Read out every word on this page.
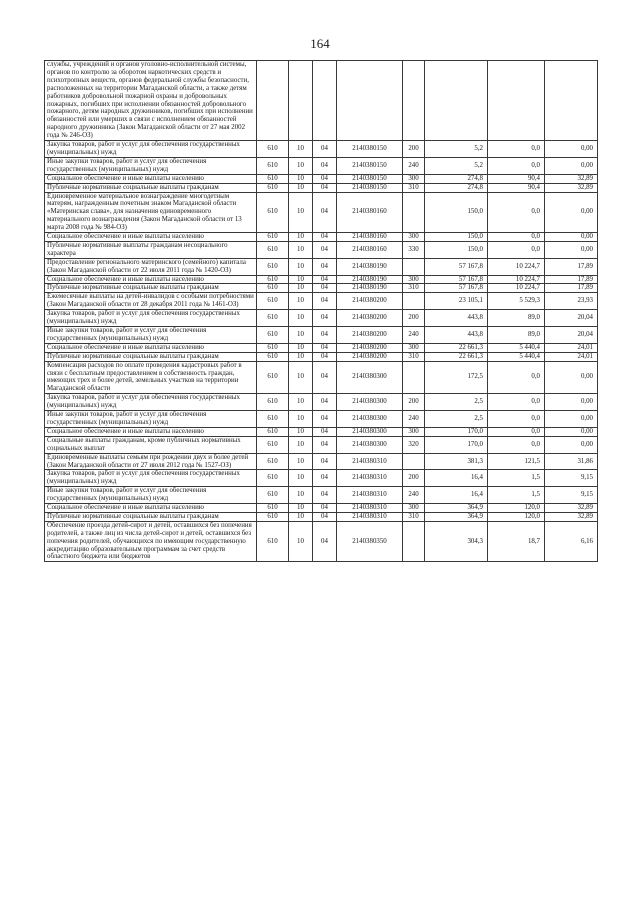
164
службы, учреждений и органов уголовно-исполнительной системы, органов по контролю за оборотом наркотических средств и психотропных веществ, органов федеральной службы безопасности, расположенных на территории Магаданской области, а также детям работников добровольной пожарной охраны и добровольных пожарных, погибших при исполнении обязанностей добровольного пожарного, детям народных дружинников, погибших при исполнении обязанностей или умерших в связи с исполнением обязанностей народного дружинника (Закон Магаданской области от 27 мая 2002 года № 246-ОЗ)								
Закупка товаров, работ и услуг для обеспечения государственных (муниципальных) нужд	610	10	04	2140380150	200	5,2	0,0	0,00
Иные закупки товаров, работ и услуг для обеспечения государственных (муниципальных) нужд	610	10	04	2140380150	240	5,2	0,0	0,00
Социальное обеспечение и иные выплаты населению	610	10	04	2140380150	300	274,8	90,4	32,89
Публичные нормативные социальные выплаты гражданам	610	10	04	2140380150	310	274,8	90,4	32,89
Единовременное материальное вознаграждение многодетным матерям, награжденным почетным знаком Магаданской области «Материнская слава», для назначения единовременного материального вознаграждения (Закон Магаданской области от 13 марта 2008 года № 984-ОЗ)	610	10	04	2140380160		150,0	0,0	0,00
Социальное обеспечение и иные выплаты населению	610	10	04	2140380160	300	150,0	0,0	0,00
Публичные нормативные выплаты гражданам несоциального характера	610	10	04	2140380160	330	150,0	0,0	0,00
Предоставление регионального материнского (семейного) капитала (Закон Магаданской области от 22 июля 2011 года № 1420-ОЗ)	610	10	04	2140380190		57 167,8	10 224,7	17,89
Социальное обеспечение и иные выплаты населению	610	10	04	2140380190	300	57 167,8	10 224,7	17,89
Публичные нормативные социальные выплаты гражданам	610	10	04	2140380190	310	57 167,8	10 224,7	17,89
Ежемесячные выплаты на детей-инвалидов с особыми потребностями (Закон Магаданской области от 28 декабря 2011 года № 1461-ОЗ)	610	10	04	2140380200		23 105,1	5 529,3	23,93
Закупка товаров, работ и услуг для обеспечения государственных (муниципальных) нужд	610	10	04	2140380200	200	443,8	89,0	20,04
Иные закупки товаров, работ и услуг для обеспечения государственных (муниципальных) нужд	610	10	04	2140380200	240	443,8	89,0	20,04
Социальное обеспечение и иные выплаты населению	610	10	04	2140380200	300	22 661,3	5 440,4	24,01
Публичные нормативные социальные выплаты гражданам	610	10	04	2140380200	310	22 661,3	5 440,4	24,01
Компенсация расходов по оплате проведения кадастровых работ в связи с бесплатным предоставлением в собственность граждан, имеющих трех и более детей, земельных участков на территории Магаданской области	610	10	04	2140380300		172,5	0,0	0,00
Закупка товаров, работ и услуг для обеспечения государственных (муниципальных) нужд	610	10	04	2140380300	200	2,5	0,0	0,00
Иные закупки товаров, работ и услуг для обеспечения государственных (муниципальных) нужд	610	10	04	2140380300	240	2,5	0,0	0,00
Социальное обеспечение и иные выплаты населению	610	10	04	2140380300	300	170,0	0,0	0,00
Социальные выплаты гражданам, кроме публичных нормативных социальных выплат	610	10	04	2140380300	320	170,0	0,0	0,00
Единовременные выплаты семьям при рождении двух и более детей (Закон Магаданской области от 27 июля 2012 года № 1527-ОЗ)	610	10	04	2140380310		381,3	121,5	31,86
Закупка товаров, работ и услуг для обеспечения государственных (муниципальных) нужд	610	10	04	2140380310	200	16,4	1,5	9,15
Иные закупки товаров, работ и услуг для обеспечения государственных (муниципальных) нужд	610	10	04	2140380310	240	16,4	1,5	9,15
Социальное обеспечение и иные выплаты населению	610	10	04	2140380310	300	364,9	120,0	32,89
Публичные нормативные социальные выплаты гражданам	610	10	04	2140380310	310	364,9	120,0	32,89
Обеспечение проезда детей-сирот и детей, оставшихся без попечения родителей, а также лиц из числа детей-сирот и детей, оставшихся без попечения родителей, обучающихся по имеющим государственную аккредитацию образовательным программам за счет средств областного бюджета или бюджетов	610	10	04	2140380350		304,3	18,7	6,16
